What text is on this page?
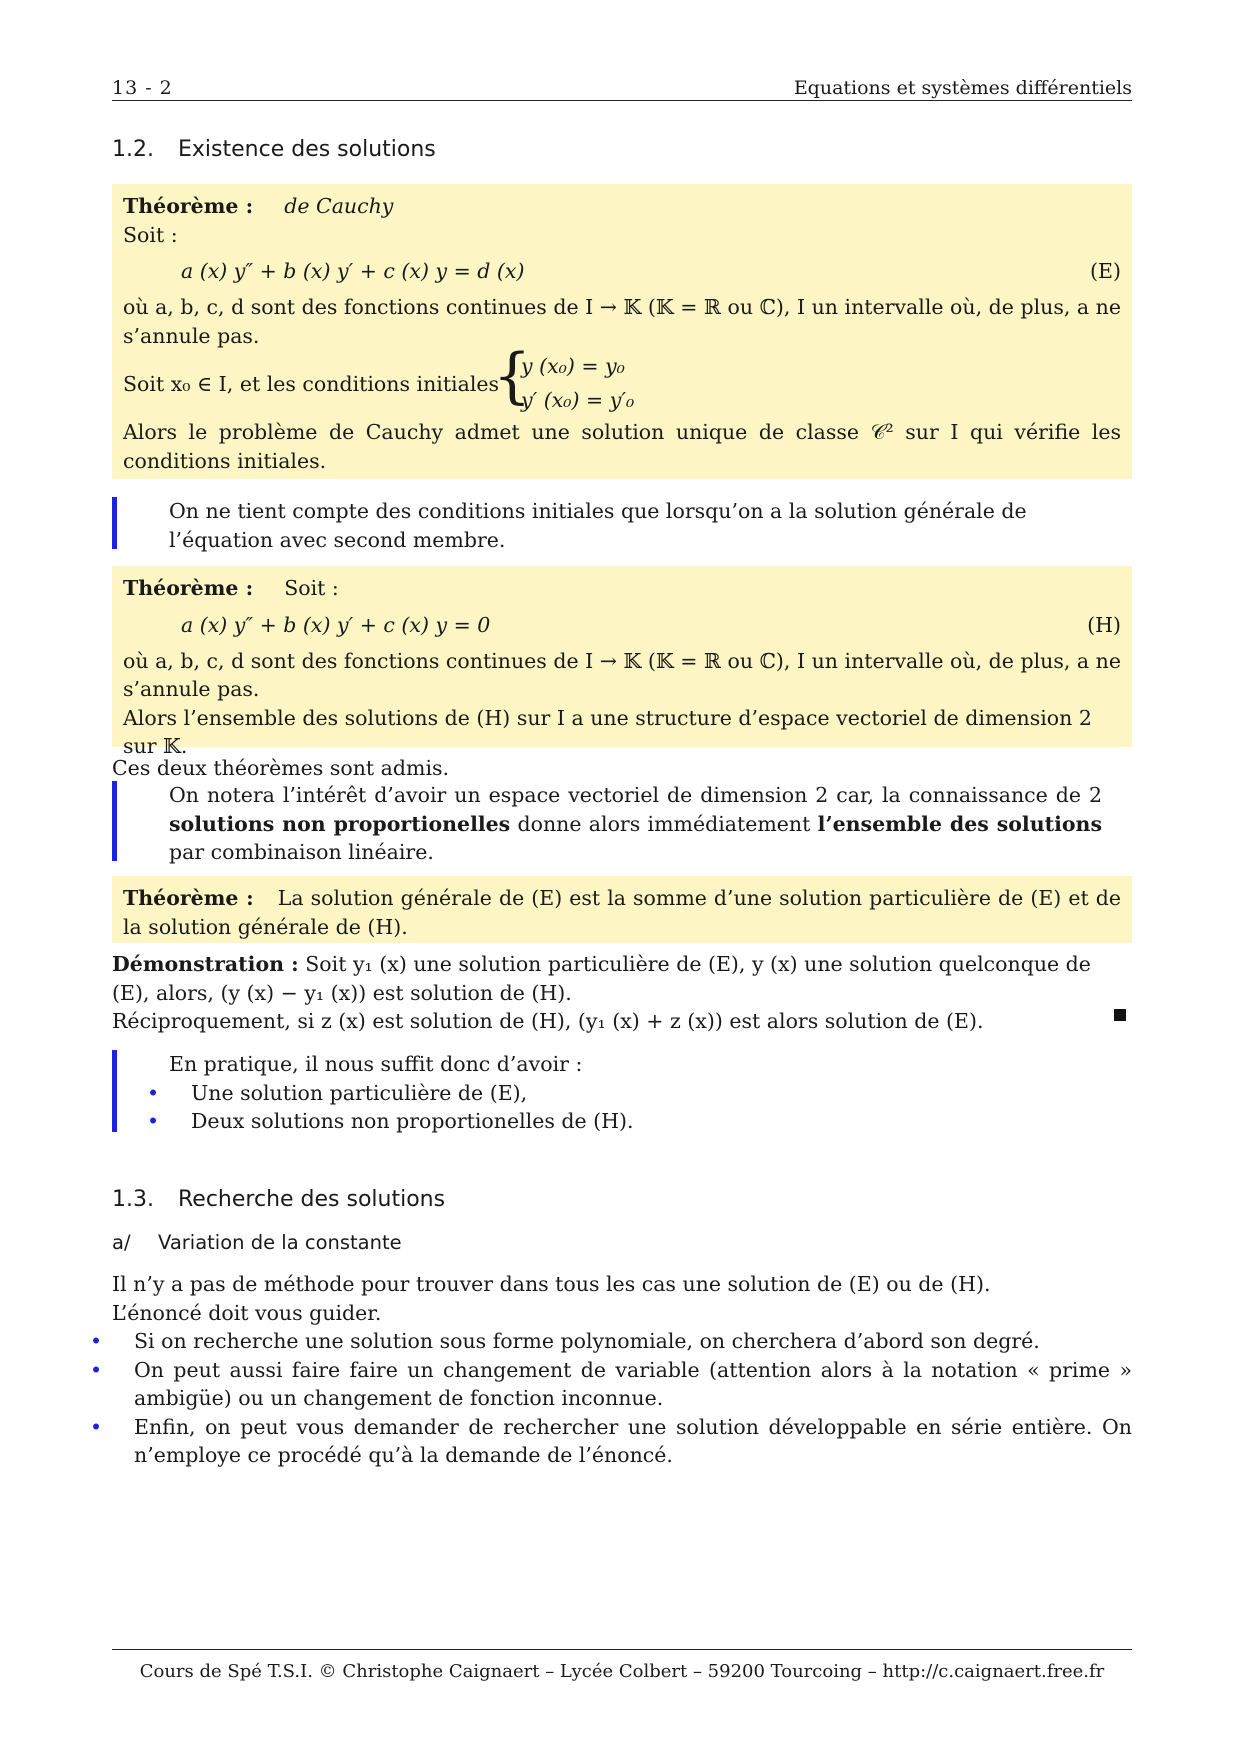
13 - 2	Equations et systèmes différentiels
1.2. Existence des solutions
Théorème : de Cauchy
Soit :
a (x) y″ + b (x) y′ + c (x) y = d (x)	(E)
où a, b, c, d sont des fonctions continues de I → 𝕂 (𝕂 = ℝ ou ℂ), I un intervalle où, de plus, a ne s’annule pas.
Soit x₀ ∈ I, et les conditions initiales
{
y (x₀) = y₀
y′ (x₀) = y′₀
Alors le problème de Cauchy admet une solution unique de classe 𝒞² sur I qui vérifie les conditions initiales.
On ne tient compte des conditions initiales que lorsqu’on a la solution générale de l’équation avec second membre.
Théorème : Soit :
a (x) y″ + b (x) y′ + c (x) y = 0	(H)
où a, b, c, d sont des fonctions continues de I → 𝕂 (𝕂 = ℝ ou ℂ), I un intervalle où, de plus, a ne s’annule pas.
Alors l’ensemble des solutions de (H) sur I a une structure d’espace vectoriel de dimension 2 sur 𝕂.
Ces deux théorèmes sont admis.
On notera l’intérêt d’avoir un espace vectoriel de dimension 2 car, la connaissance de 2 solutions non proportionelles donne alors immédiatement l’ensemble des solutions par combinaison linéaire.
Théorème : La solution générale de (E) est la somme d’une solution particulière de (E) et de la solution générale de (H).
Démonstration : Soit y₁ (x) une solution particulière de (E), y (x) une solution quelconque de (E), alors, (y (x) − y₁ (x)) est solution de (H).
Réciproquement, si z (x) est solution de (H), (y₁ (x) + z (x)) est alors solution de (E).
En pratique, il nous suffit donc d’avoir :
• Une solution particulière de (E),
• Deux solutions non proportionelles de (H).
1.3. Recherche des solutions
a/ Variation de la constante
Il n’y a pas de méthode pour trouver dans tous les cas une solution de (E) ou de (H).
L’énoncé doit vous guider.
• Si on recherche une solution sous forme polynomiale, on cherchera d’abord son degré.
• On peut aussi faire faire un changement de variable (attention alors à la notation « prime » ambigüe) ou un changement de fonction inconnue.
• Enfin, on peut vous demander de rechercher une solution développable en série entière. On n’employe ce procédé qu’à la demande de l’énoncé.
Cours de Spé T.S.I. © Christophe Caignaert – Lycée Colbert – 59200 Tourcoing – http://c.caignaert.free.fr
